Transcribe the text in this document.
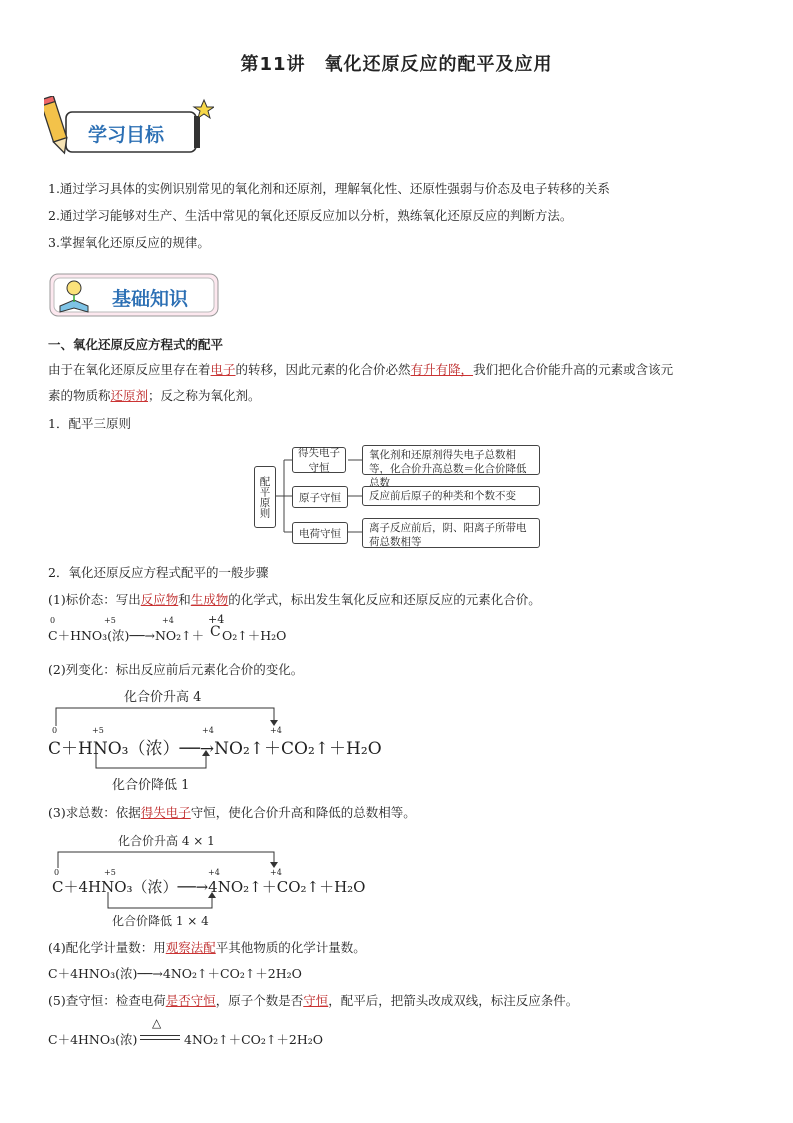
第11讲　氧化还原反应的配平及应用
学习目标
1.通过学习具体的实例识别常见的氧化剂和还原剂，理解氧化性、还原性强弱与价态及电子转移的关系
2.通过学习能够对生产、生活中常见的氧化还原反应加以分析，熟练氧化还原反应的判断方法。
3.掌握氧化还原反应的规律。
基础知识
一、氧化还原反应方程式的配平
由于在氧化还原反应里存在着电子的转移，因此元素的化合价必然有升有降，我们把化合价能升高的元素或含该元
素的物质称还原剂；反之称为氧化剂。
1．配平三原则
配平原则
得失电子守恒
原子守恒
电荷守恒
氧化剂和还原剂得失电子总数相等，化合价升高总数＝化合价降低总数
反应前后原子的种类和个数不变
离子反应前后，阴、阳离子所带电荷总数相等
2．氧化还原反应方程式配平的一般步骤
(1)标价态：写出反应物和生成物的化学式，标出发生氧化反应和还原反应的元素化合价。
0	+5	+4	+4
C＋HNO₃(浓)──→NO₂↑＋ C O₂↑＋H₂O
(2)列变化：标出反应前后元素化合价的变化。
化合价升高 4
0	+5	+4	+4
C＋HNO₃（浓）──→NO₂↑＋CO₂↑＋H₂O
化合价降低 1
(3)求总数：依据得失电子守恒，使化合价升高和降低的总数相等。
化合价升高 4 × 1
0	+5	+4	+4
C＋4HNO₃（浓）──→4NO₂↑＋CO₂↑＋H₂O
化合价降低 1 × 4
(4)配化学计量数：用观察法配平其他物质的化学计量数。
C＋4HNO₃(浓)──→4NO₂↑＋CO₂↑＋2H₂O
(5)查守恒：检查电荷是否守恒，原子个数是否守恒，配平后，把箭头改成双线，标注反应条件。
C＋4HNO₃(浓)
△
4NO₂↑＋CO₂↑＋2H₂O
